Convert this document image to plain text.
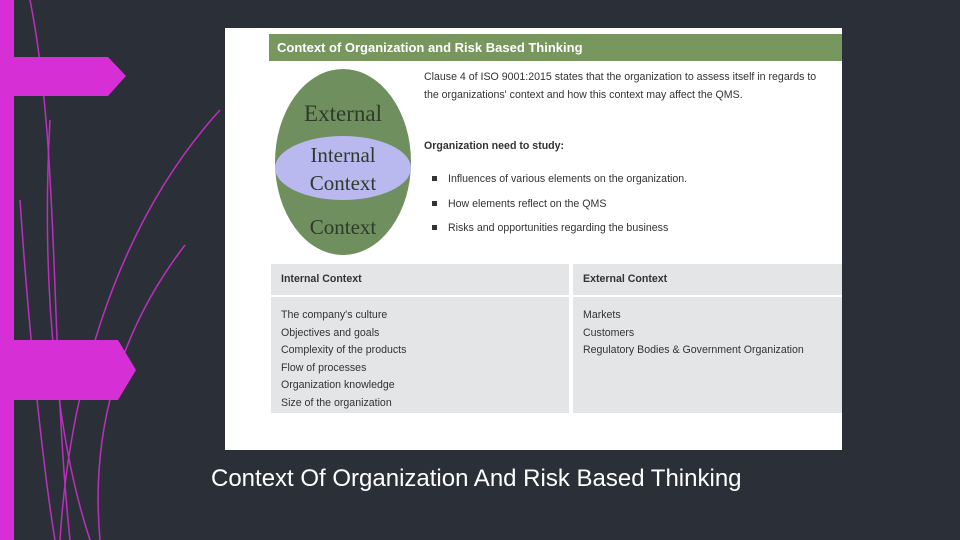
Context of Organization and Risk Based Thinking
External
Internal
Context
Context
Clause 4 of ISO 9001:2015 states that the organization to assess itself in regards to the organizations' context and how this context may affect the QMS.
Organization need to study:
Influences of various elements on the organization.
How elements reflect on the QMS
Risks and opportunities regarding the business
Internal Context
The company's culture
Objectives and goals
Complexity of the products
Flow of processes
Organization knowledge
Size of the organization
External Context
Markets
Customers
Regulatory Bodies & Government Organization
Context Of Organization And Risk Based Thinking
